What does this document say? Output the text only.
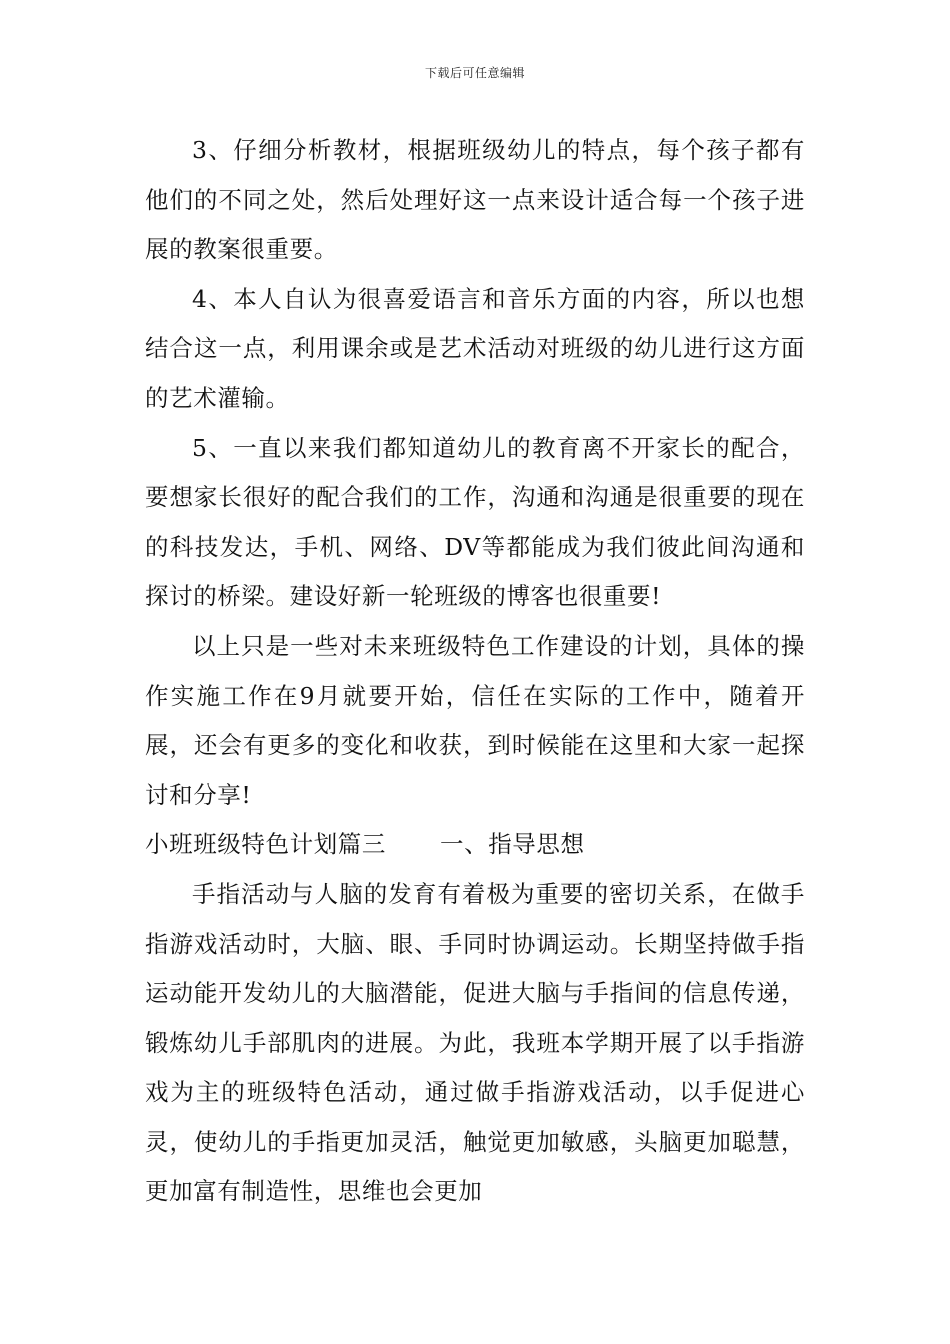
下载后可任意编辑

3、仔细分析教材，根据班级幼儿的特点，每个孩子都有他们的不同之处，然后处理好这一点来设计适合每一个孩子进展的教案很重要。

4、本人自认为很喜爱语言和音乐方面的内容，所以也想结合这一点，利用课余或是艺术活动对班级的幼儿进行这方面的艺术灌输。

5、一直以来我们都知道幼儿的教育离不开家长的配合，要想家长很好的配合我们的工作，沟通和沟通是很重要的现在的科技发达，手机、网络、DV等都能成为我们彼此间沟通和探讨的桥梁。建设好新一轮班级的博客也很重要!

以上只是一些对未来班级特色工作建设的计划，具体的操作实施工作在9月就要开始，信任在实际的工作中，随着开展，还会有更多的变化和收获，到时候能在这里和大家一起探讨和分享!

小班班级特色计划篇三 一、指导思想

手指活动与人脑的发育有着极为重要的密切关系，在做手指游戏活动时，大脑、眼、手同时协调运动。长期坚持做手指运动能开发幼儿的大脑潜能，促进大脑与手指间的信息传递，锻炼幼儿手部肌肉的进展。为此，我班本学期开展了以手指游戏为主的班级特色活动，通过做手指游戏活动，以手促进心灵，使幼儿的手指更加灵活，触觉更加敏感，头脑更加聪慧，更加富有制造性，思维也会更加
